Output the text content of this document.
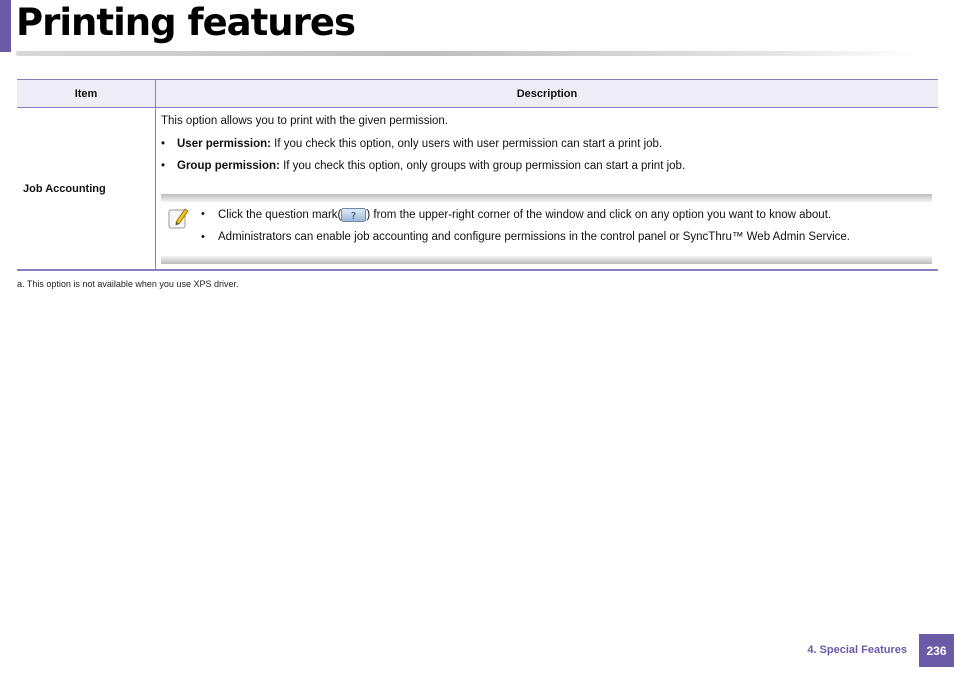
Printing features
Item	Description
Job Accounting
This option allows you to print with the given permission.
• User permission: If you check this option, only users with user permission can start a print job.
• Group permission: If you check this option, only groups with group permission can start a print job.
• Click the question mark( ? ) from the upper-right corner of the window and click on any option you want to know about.
• Administrators can enable job accounting and configure permissions in the control panel or SyncThru™ Web Admin Service.
a. This option is not available when you use XPS driver.
4. Special Features	236
